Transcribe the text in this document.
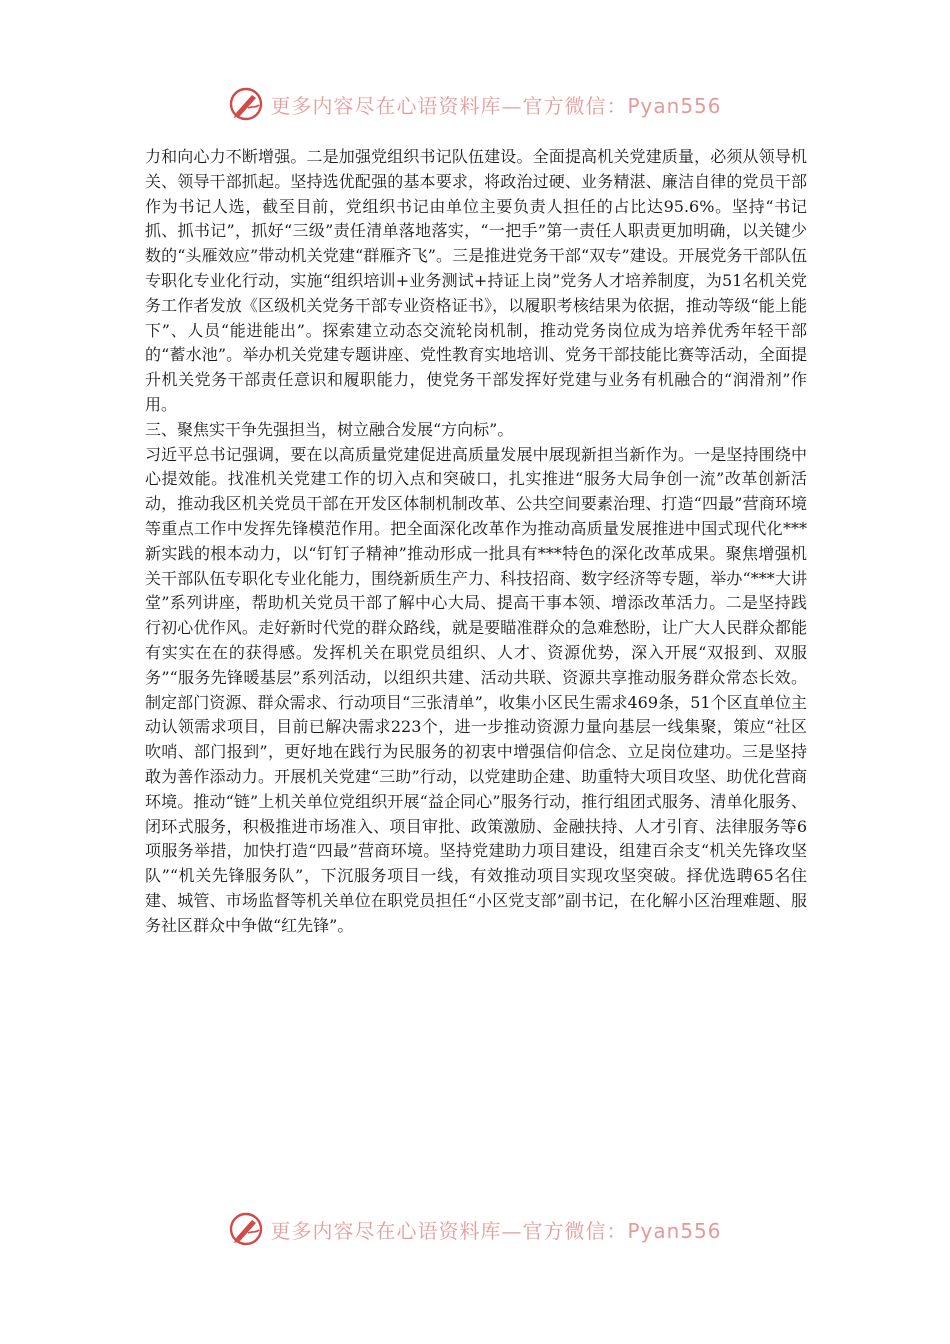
更多内容尽在心语资料库—官方微信：Pyan556

力和向心力不断增强。二是加强党组织书记队伍建设。全面提高机关党建质量，必须从领导机关、领导干部抓起。坚持选优配强的基本要求，将政治过硬、业务精湛、廉洁自律的党员干部作为书记人选，截至目前，党组织书记由单位主要负责人担任的占比达95.6%。坚持“书记抓、抓书记”，抓好“三级”责任清单落地落实，“一把手”第一责任人职责更加明确，以关键少数的“头雁效应”带动机关党建“群雁齐飞”。三是推进党务干部“双专”建设。开展党务干部队伍专职化专业化行动，实施“组织培训+业务测试+持证上岗”党务人才培养制度，为51名机关党务工作者发放《区级机关党务干部专业资格证书》，以履职考核结果为依据，推动等级“能上能下”、人员“能进能出”。探索建立动态交流轮岗机制，推动党务岗位成为培养优秀年轻干部的“蓄水池”。举办机关党建专题讲座、党性教育实地培训、党务干部技能比赛等活动，全面提升机关党务干部责任意识和履职能力，使党务干部发挥好党建与业务有机融合的“润滑剂”作用。

三、聚焦实干争先强担当，树立融合发展“方向标”。

习近平总书记强调，要在以高质量党建促进高质量发展中展现新担当新作为。一是坚持围绕中心提效能。找准机关党建工作的切入点和突破口，扎实推进“服务大局争创一流”改革创新活动，推动我区机关党员干部在开发区体制机制改革、公共空间要素治理、打造“四最”营商环境等重点工作中发挥先锋模范作用。把全面深化改革作为推动高质量发展推进中国式现代化***新实践的根本动力，以“钉钉子精神”推动形成一批具有***特色的深化改革成果。聚焦增强机关干部队伍专职化专业化能力，围绕新质生产力、科技招商、数字经济等专题，举办“***大讲堂”系列讲座，帮助机关党员干部了解中心大局、提高干事本领、增添改革活力。二是坚持践行初心优作风。走好新时代党的群众路线，就是要瞄准群众的急难愁盼，让广大人民群众都能有实实在在的获得感。发挥机关在职党员组织、人才、资源优势，深入开展“双报到、双服务”“服务先锋暖基层”系列活动，以组织共建、活动共联、资源共享推动服务群众常态长效。制定部门资源、群众需求、行动项目“三张清单”，收集小区民生需求469条，51个区直单位主动认领需求项目，目前已解决需求223个，进一步推动资源力量向基层一线集聚，策应“社区吹哨、部门报到”，更好地在践行为民服务的初衷中增强信仰信念、立足岗位建功。三是坚持敢为善作添动力。开展机关党建“三助”行动，以党建助企建、助重特大项目攻坚、助优化营商环境。推动“链”上机关单位党组织开展“益企同心”服务行动，推行组团式服务、清单化服务、闭环式服务，积极推进市场准入、项目审批、政策激励、金融扶持、人才引育、法律服务等6项服务举措，加快打造“四最”营商环境。坚持党建助力项目建设，组建百余支“机关先锋攻坚队”“机关先锋服务队”，下沉服务项目一线，有效推动项目实现攻坚突破。择优选聘65名住建、城管、市场监督等机关单位在职党员担任“小区党支部”副书记，在化解小区治理难题、服务社区群众中争做“红先锋”。

更多内容尽在心语资料库—官方微信：Pyan556
